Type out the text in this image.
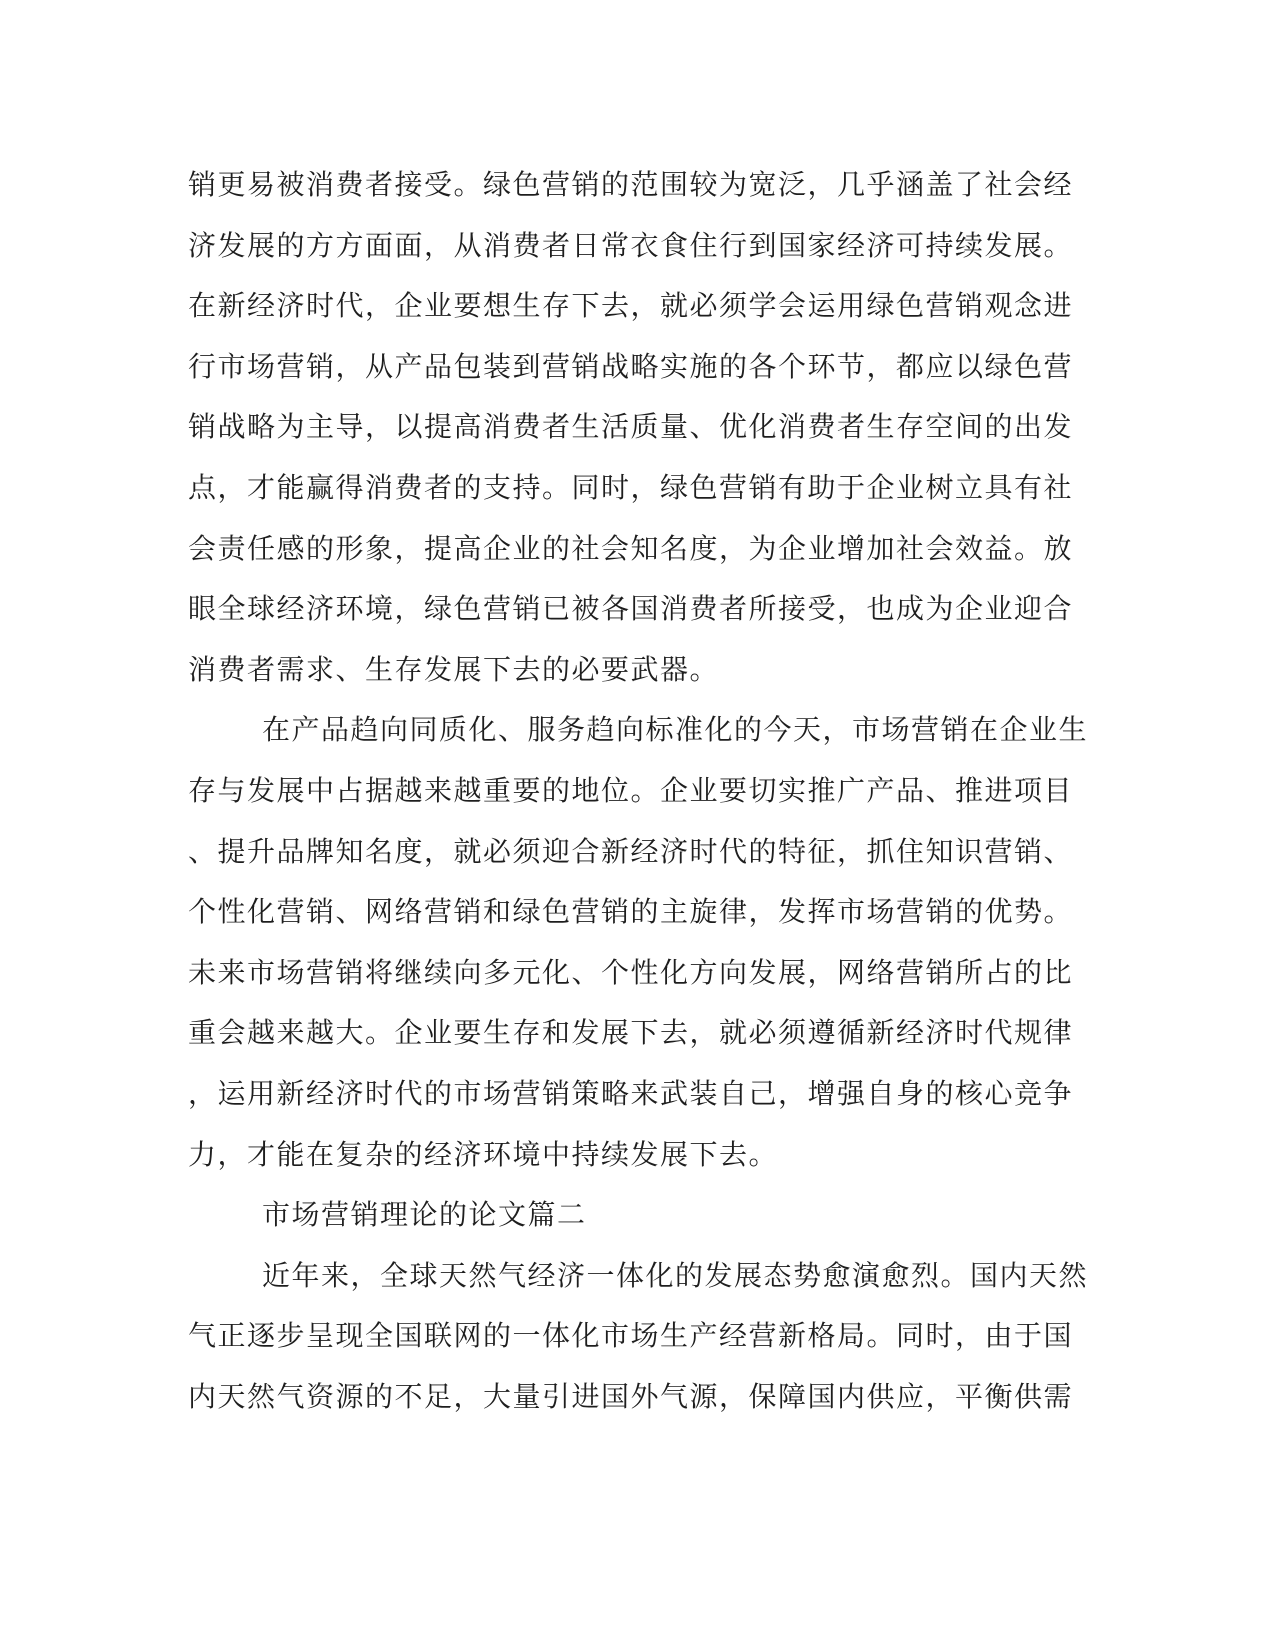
销更易被消费者接受。绿色营销的范围较为宽泛，几乎涵盖了社会经
济发展的方方面面，从消费者日常衣食住行到国家经济可持续发展。
在新经济时代，企业要想生存下去，就必须学会运用绿色营销观念进
行市场营销，从产品包装到营销战略实施的各个环节，都应以绿色营
销战略为主导，以提高消费者生活质量、优化消费者生存空间的出发
点，才能赢得消费者的支持。同时，绿色营销有助于企业树立具有社
会责任感的形象，提高企业的社会知名度，为企业增加社会效益。放
眼全球经济环境，绿色营销已被各国消费者所接受，也成为企业迎合
消费者需求、生存发展下去的必要武器。
在产品趋向同质化、服务趋向标准化的今天，市场营销在企业生
存与发展中占据越来越重要的地位。企业要切实推广产品、推进项目
、提升品牌知名度，就必须迎合新经济时代的特征，抓住知识营销、
个性化营销、网络营销和绿色营销的主旋律，发挥市场营销的优势。
未来市场营销将继续向多元化、个性化方向发展，网络营销所占的比
重会越来越大。企业要生存和发展下去，就必须遵循新经济时代规律
，运用新经济时代的市场营销策略来武装自己，增强自身的核心竞争
力，才能在复杂的经济环境中持续发展下去。
市场营销理论的论文篇二
近年来，全球天然气经济一体化的发展态势愈演愈烈。国内天然
气正逐步呈现全国联网的一体化市场生产经营新格局。同时，由于国
内天然气资源的不足，大量引进国外气源，保障国内供应，平衡供需
